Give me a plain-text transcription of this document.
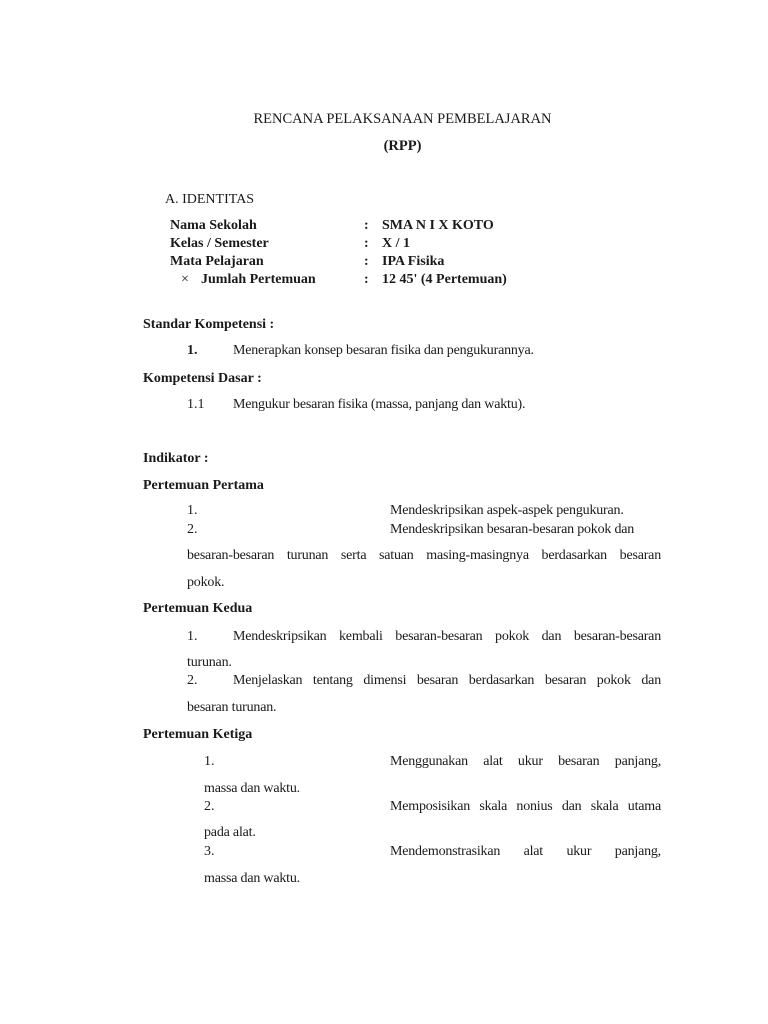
RENCANA PELAKSANAAN PEMBELAJARAN
(RPP)
A. IDENTITAS
Nama Sekolah	: SMA N I X KOTO
Kelas / Semester	: X / 1
Mata Pelajaran	: IPA Fisika
× Jumlah Pertemuan	: 12 45' (4 Pertemuan)
Standar Kompetensi :
1.	Menerapkan konsep besaran fisika dan pengukurannya.
Kompetensi Dasar :
1.1 Mengukur besaran fisika (massa, panjang dan waktu).
Indikator :
Pertemuan Pertama
1.	Mendeskripsikan aspek-aspek pengukuran.
2.	Mendeskripsikan besaran-besaran pokok dan
besaran-besaran turunan serta satuan masing-masingnya berdasarkan besaran
pokok.
Pertemuan Kedua
1.	Mendeskripsikan kembali besaran-besaran pokok dan besaran-besaran
turunan.
2.	Menjelaskan tentang dimensi besaran berdasarkan besaran pokok dan
besaran turunan.
Pertemuan Ketiga
1.	Menggunakan alat ukur besaran panjang,
massa dan waktu.
2.	Memposisikan skala nonius dan skala utama
pada alat.
3.	Mendemonstrasikan alat ukur panjang,
massa dan waktu.
